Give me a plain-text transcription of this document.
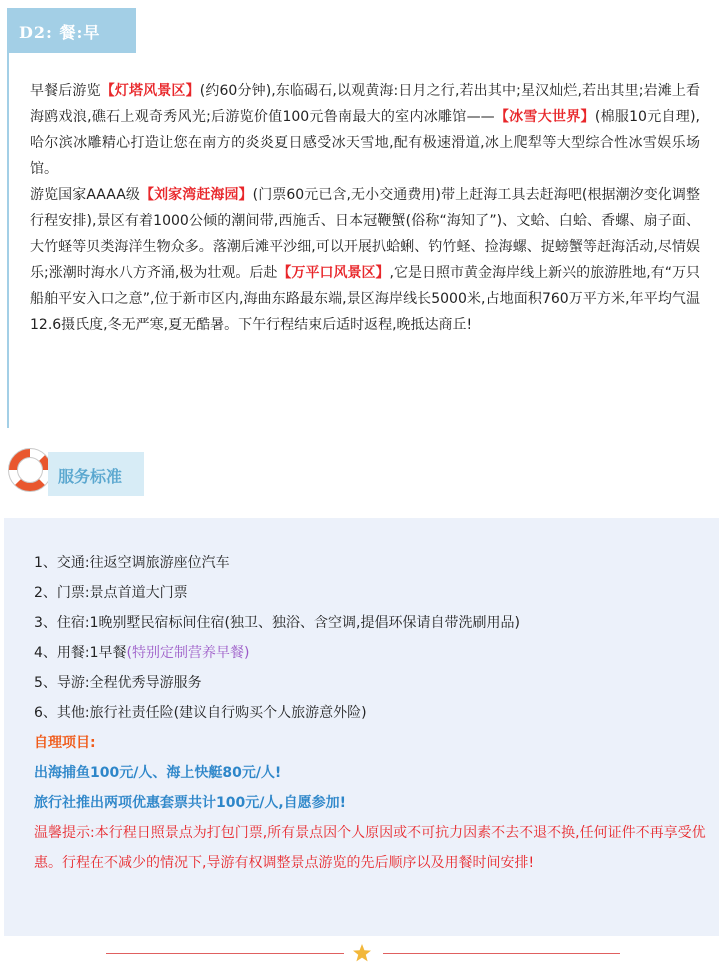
D2: 餐:早

早餐后游览【灯塔风景区】(约60分钟),东临碣石,以观黄海:日月之行,若出其中;星汉灿烂,若出其里;岩滩上看海鸥戏浪,礁石上观奇秀风光;后游览价值100元鲁南最大的室内冰雕馆——【冰雪大世界】(棉服10元自理),哈尔滨冰雕精心打造让您在南方的炎炎夏日感受冰天雪地,配有极速滑道,冰上爬犁等大型综合性冰雪娱乐场馆。

游览国家AAAA级【刘家湾赶海园】(门票60元已含,无小交通费用)带上赶海工具去赶海吧(根据潮汐变化调整行程安排),景区有着1000公倾的潮间带,西施舌、日本冠鞭蟹(俗称“海知了”)、文蛤、白蛤、香螺、扇子面、大竹蛏等贝类海洋生物众多。落潮后滩平沙细,可以开展扒蛤蜊、钓竹蛏、捡海螺、捉螃蟹等赶海活动,尽情娱乐;涨潮时海水八方齐涌,极为壮观。后赴【万平口风景区】,它是日照市黄金海岸线上新兴的旅游胜地,有“万只船舶平安入口之意”,位于新市区内,海曲东路最东端,景区海岸线长5000米,占地面积760万平方米,年平均气温12.6摄氏度,冬无严寒,夏无酷暑。下午行程结束后适时返程,晚抵达商丘!

服务标准
1、交通:往返空调旅游座位汽车
2、门票:景点首道大门票
3、住宿:1晚别墅民宿标间住宿(独卫、独浴、含空调,提倡环保请自带洗刷用品)
4、用餐:1早餐(特别定制营养早餐)
5、导游:全程优秀导游服务
6、其他:旅行社责任险(建议自行购买个人旅游意外险)
自理项目:
出海捕鱼100元/人、海上快艇80元/人!
旅行社推出两项优惠套票共计100元/人,自愿参加!
温馨提示:本行程日照景点为打包门票,所有景点因个人原因或不可抗力因素不去不退不换,任何证件不再享受优惠。行程在不减少的情况下,导游有权调整景点游览的先后顺序以及用餐时间安排!
